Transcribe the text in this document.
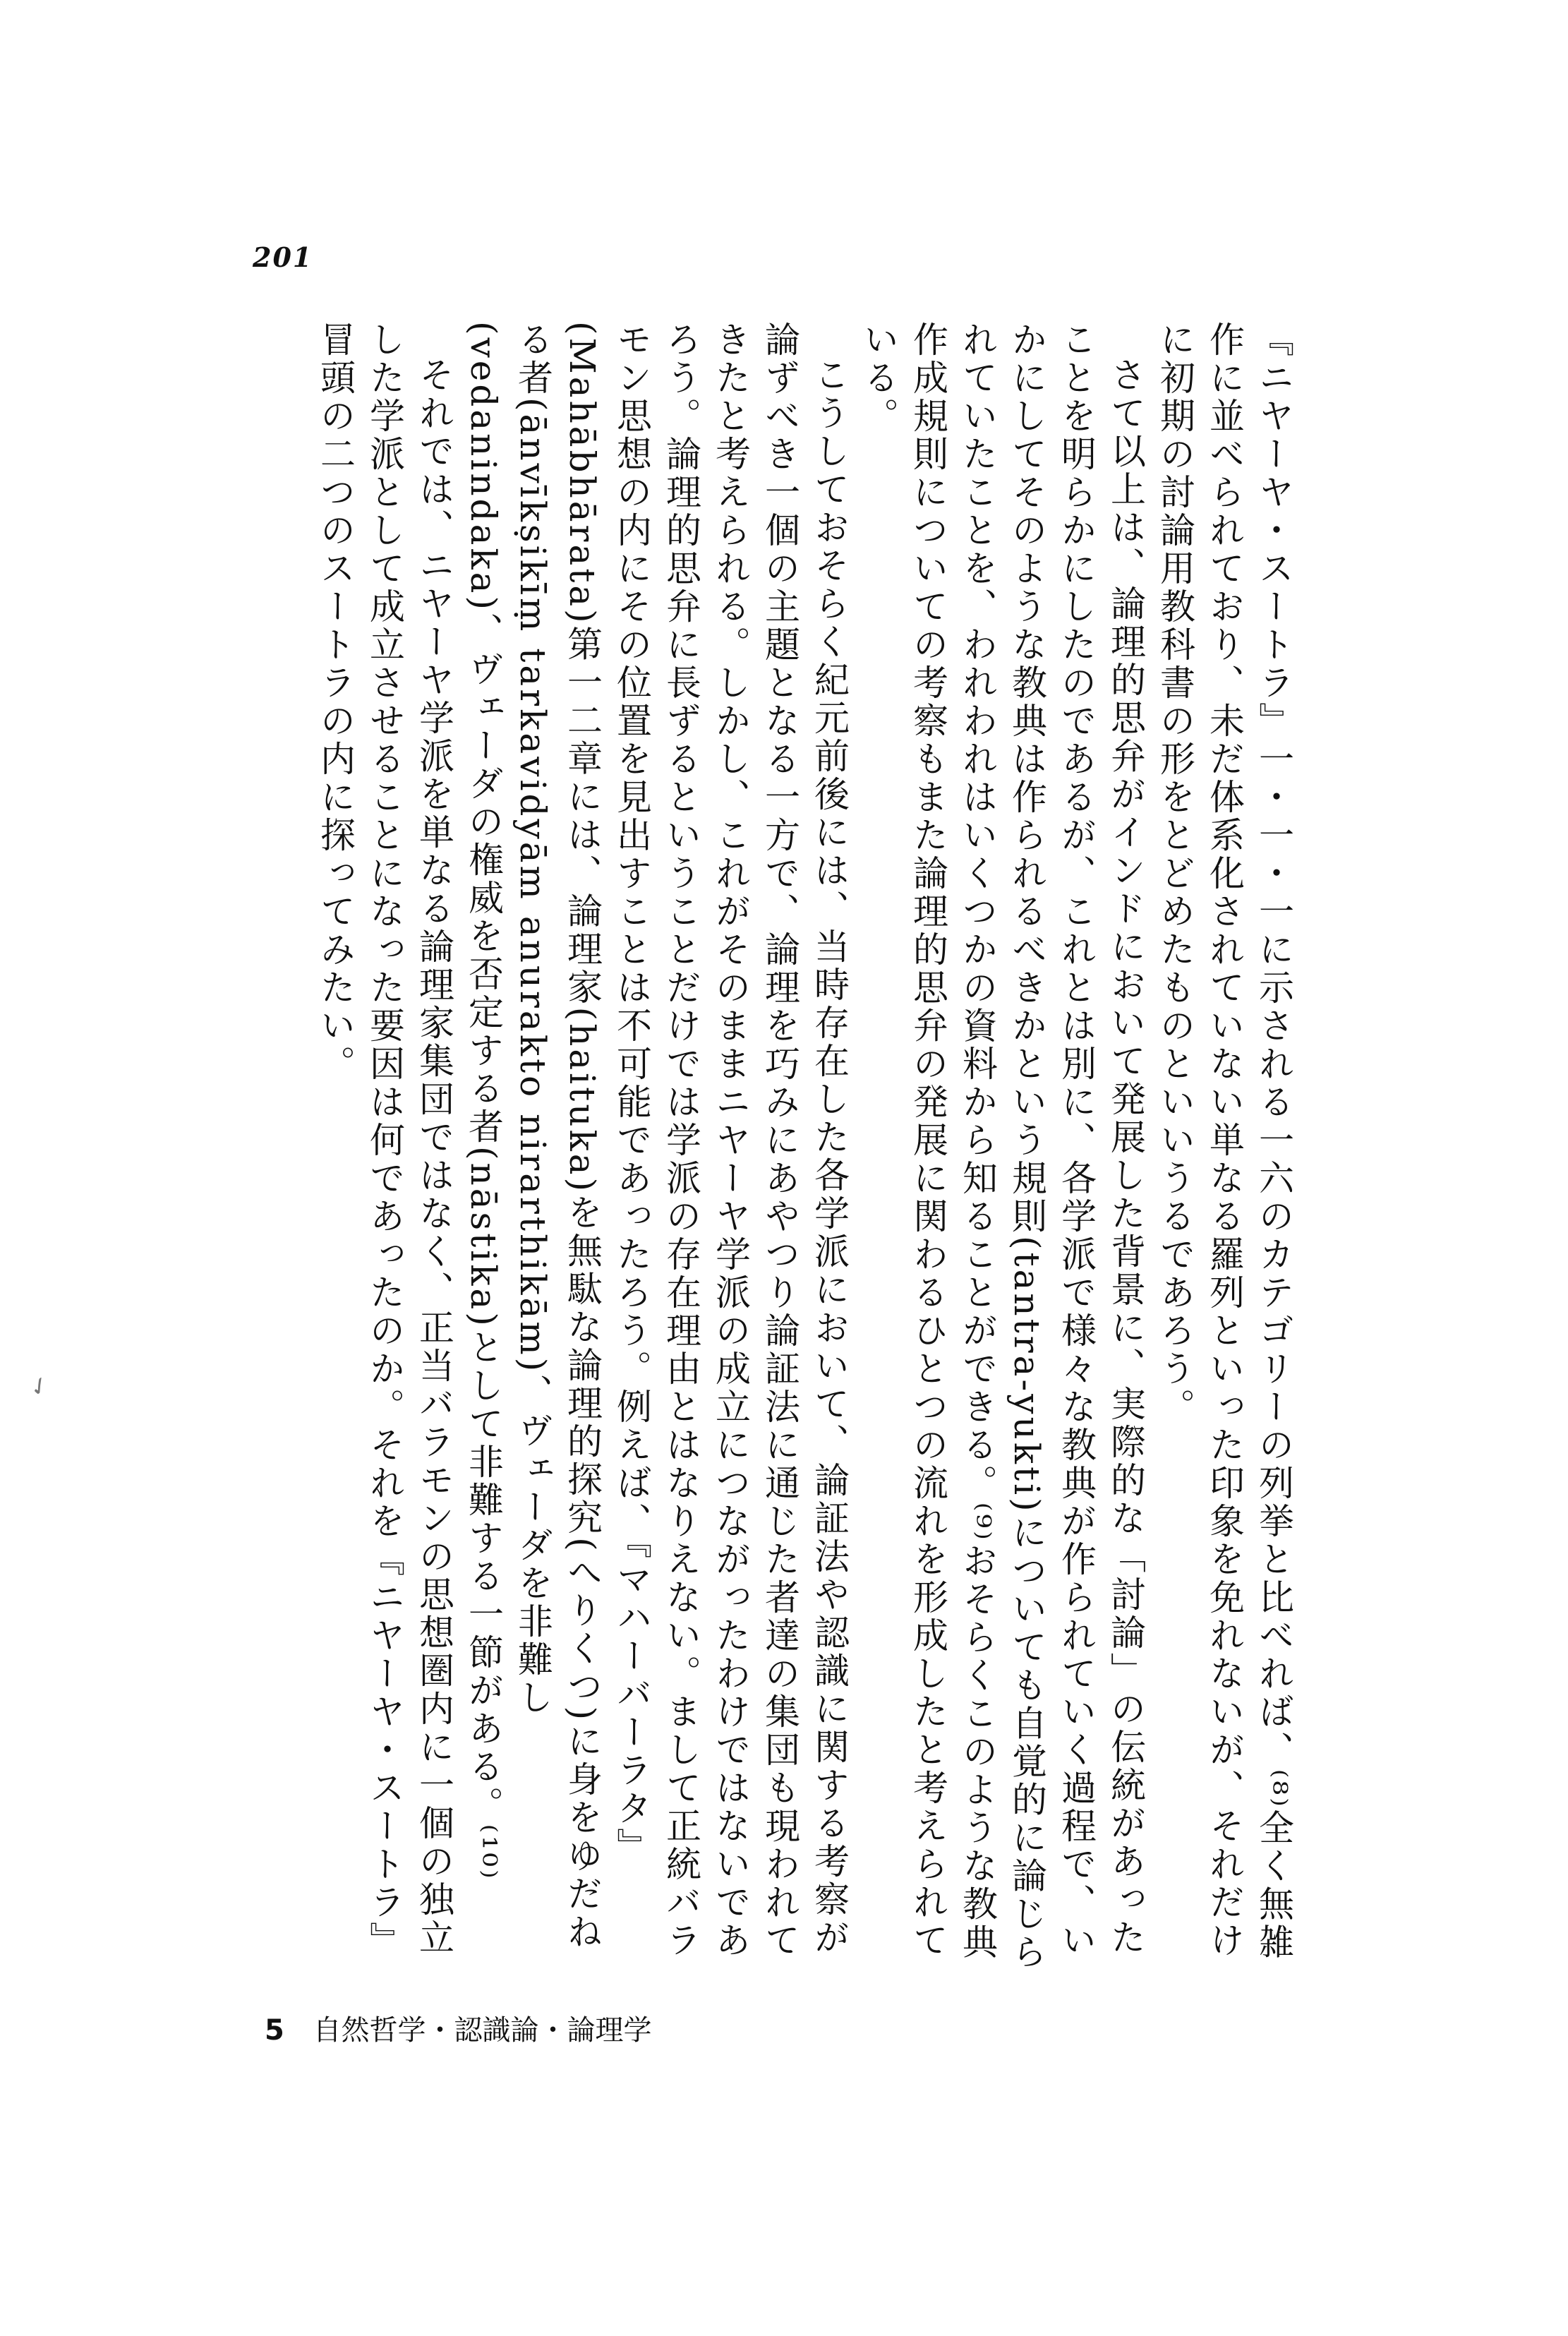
201

『ニヤーヤ・スートラ』一・一・一に示される一六のカテゴリーの列挙と比べれば、⁽⁸⁾全く無雑作に並べられており、未だ体系化されていない単なる羅列といった印象を免れないが、それだけに初期の討論用教科書の形をとどめたものといいうるであろう。

さて以上は、論理的思弁がインドにおいて発展した背景に、実際的な「討論」の伝統があったことを明らかにしたのであるが、これとは別に、各学派で様々な教典が作られていく過程で、いかにしてそのような教典は作られるべきかという規則(tantra-yukti)についても自覚的に論じられていたことを、われわれはいくつかの資料から知ることができる。⁽⁹⁾おそらくこのような教典作成規則についての考察もまた論理的思弁の発展に関わるひとつの流れを形成したと考えられている。

こうしておそらく紀元前後には、当時存在した各学派において、論証法や認識に関する考察が論ずべき一個の主題となる一方で、論理を巧みにあやつり論証法に通じた者達の集団も現われてきたと考えられる。しかし、これがそのままニヤーヤ学派の成立につながったわけではないであろう。論理的思弁に長ずるということだけでは学派の存在理由とはなりえない。まして正統バラモン思想の内にその位置を見出すことは不可能であったろう。例えば、『マハーバーラタ』(Mahābhārata)第一二章には、論理家(haituka)を無駄な論理的探究(へりくつ)に身をゆだねる者(ānvīkṣikīṃ tarkavidyām anurakto nirarthikām)、ヴェーダを非難し(vedanindaka)、ヴェーダの権威を否定する者(nāstika)として非難する一節がある。⁽¹⁰⁾

それでは、ニヤーヤ学派を単なる論理家集団ではなく、正当バラモンの思想圏内に一個の独立した学派として成立させることになった要因は何であったのか。それを『ニヤーヤ・スートラ』冒頭の二つのスートラの内に探ってみたい。

5 自然哲学・認識論・論理学
✓
